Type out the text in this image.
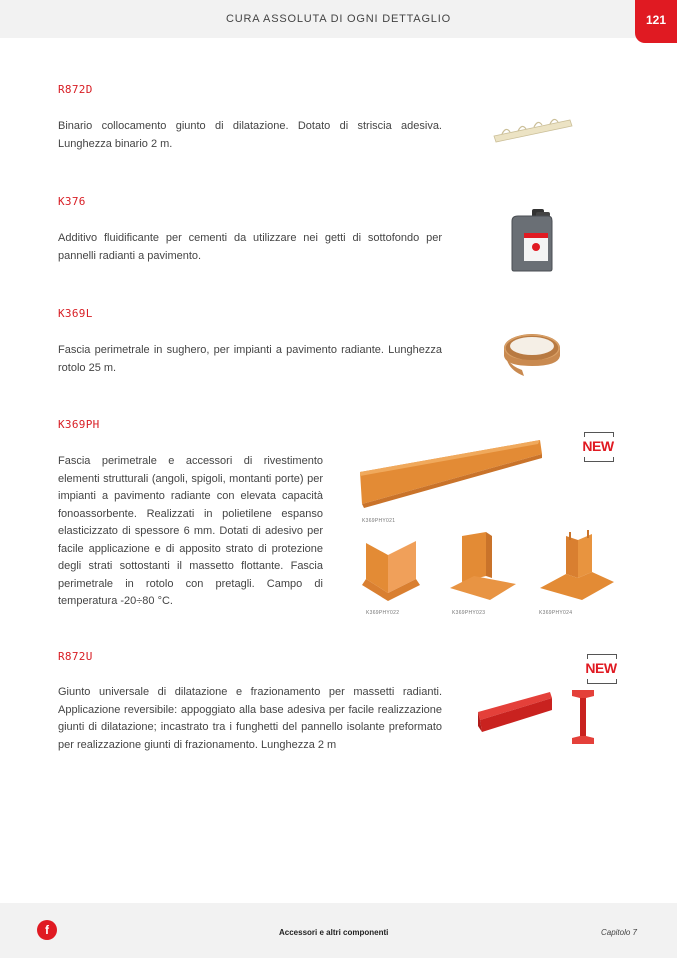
CURA ASSOLUTA DI OGNI DETTAGLIO	121
R872D
Binario collocamento giunto di dilatazione. Dotato di striscia adesiva. Lunghezza binario 2 m.
K376
Additivo fluidificante per cementi da utilizzare nei getti di sottofondo per pannelli radianti a pavimento.
K369L
Fascia perimetrale in sughero, per impianti a pavimento radiante. Lunghezza rotolo 25 m.
K369PH
Fascia perimetrale e accessori di rivestimento elementi strutturali (angoli, spigoli, montanti porte) per impianti a pavimento radiante con elevata capacità fonoassorbente. Realizzati in polietilene espanso elasticizzato di spessore 6 mm. Dotati di adesivo per facile applicazione e di apposito strato di protezione degli strati sottostanti il massetto flottante. Fascia perimetrale in rotolo con pretagli. Campo di temperatura -20÷80 °C.
NEW
K369PHY021
K369PHY022	K369PHY023	K369PHY024
R872U
Giunto universale di dilatazione e frazionamento per massetti radianti. Applicazione reversibile: appoggiato alla base adesiva per facile realizzazione giunti di dilatazione; incastrato tra i funghetti del pannello isolante preformato per realizzazione giunti di frazionamento. Lunghezza 2 m
NEW
f	Accessori e altri componenti	Capitolo 7
